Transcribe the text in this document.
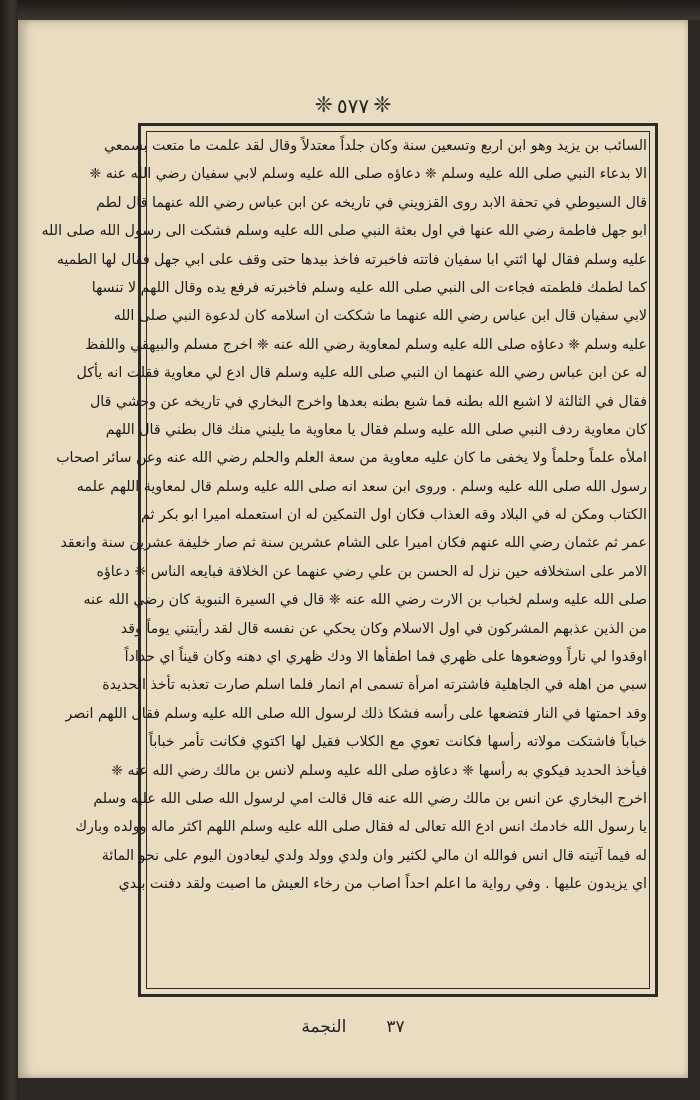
❈
٥٧٧
❈
السائب بن يزيد وهو ابن اربع وتسعين سنة وكان جلداً معتدلاً وقال لقد علمت ما متعت بسمعي
الا بدعاء النبي صلى الله عليه وسلم ❈ دعاؤه صلى الله عليه وسلم لابي سفيان رضي الله عنه ❈
قال السيوطي في تحفة الابد روى القزويني في تاريخه عن ابن عباس رضي الله عنهما قال لطم
ابو جهل فاطمة رضي الله عنها في اول بعثة النبي صلى الله عليه وسلم فشكت الى رسول الله صلى الله
عليه وسلم فقال لها ائتي ابا سفيان فاتته فاخبرته فاخذ بيدها حتى وقف على ابي جهل فقال لها الطميه
كما لطمك فلطمته فجاءت الى النبي صلى الله عليه وسلم فاخبرته فرفع يده وقال اللهم لا تنسها
لابي سفيان قال ابن عباس رضي الله عنهما ما شككت ان اسلامه كان لدعوة النبي صلى الله
عليه وسلم ❈ دعاؤه صلى الله عليه وسلم لمعاوية رضي الله عنه ❈ اخرج مسلم والبيهقي واللفظ
له عن ابن عباس رضي الله عنهما ان النبي صلى الله عليه وسلم قال ادع لي معاوية فقلت انه يأكل
فقال في الثالثة لا اشبع الله بطنه فما شبع بطنه بعدها واخرج البخاري في تاريخه عن وحشي قال
كان معاوية ردف النبي صلى الله عليه وسلم فقال يا معاوية ما يليني منك قال بطني قال اللهم
املأه علماً وحلماً ولا يخفى ما كان عليه معاوية من سعة العلم والحلم رضي الله عنه وعن سائر اصحاب
رسول الله صلى الله عليه وسلم . وروى ابن سعد انه صلى الله عليه وسلم قال لمعاوية اللهم علمه
الكتاب ومكن له في البلاد وقه العذاب فكان اول التمكين له ان استعمله اميرا ابو بكر ثم
عمر ثم عثمان رضي الله عنهم فكان اميرا على الشام عشرين سنة ثم صار خليفة عشرين سنة وانعقد
الامر على استخلافه حين نزل له الحسن بن علي رضي عنهما عن الخلافة فبايعه الناس ❈ دعاؤه
صلى الله عليه وسلم لخباب بن الارت رضي الله عنه ❈ قال في السيرة النبوية كان رضي الله عنه
من الذين عذبهم المشركون في اول الاسلام وكان يحكي عن نفسه قال لقد رأيتني يوماً وقد
اوقدوا لي ناراً ووضعوها على ظهري فما اطفأها الا ودك ظهري اي دهنه وكان قيناً اي حداداً
سبي من اهله في الجاهلية فاشترته امرأة تسمى ام انمار فلما اسلم صارت تعذبه تأخذ الحديدة
وقد احمتها في النار فتضعها على رأسه فشكا ذلك لرسول الله صلى الله عليه وسلم فقال اللهم انصر
خباباً فاشتكت مولاته رأسها فكانت تعوي مع الكلاب فقيل لها اكتوي فكانت تأمر خباباً
فيأخذ الحديد فيكوي به رأسها ❈ دعاؤه صلى الله عليه وسلم لانس بن مالك رضي الله عنه ❈
اخرج البخاري عن انس بن مالك رضي الله عنه قال قالت امي لرسول الله صلى الله عليه وسلم
يا رسول الله خادمك انس ادع الله تعالى له فقال صلى الله عليه وسلم اللهم اكثر ماله وولده وبارك
له فيما آتيته قال انس فوالله ان مالي لكثير وان ولدي وولد ولدي ليعادون اليوم على نحو المائة
اي يزيدون عليها . وفي رواية ما اعلم احداً اصاب من رخاء العيش ما اصبت ولقد دفنت بيدي
٣٧
النجمة
